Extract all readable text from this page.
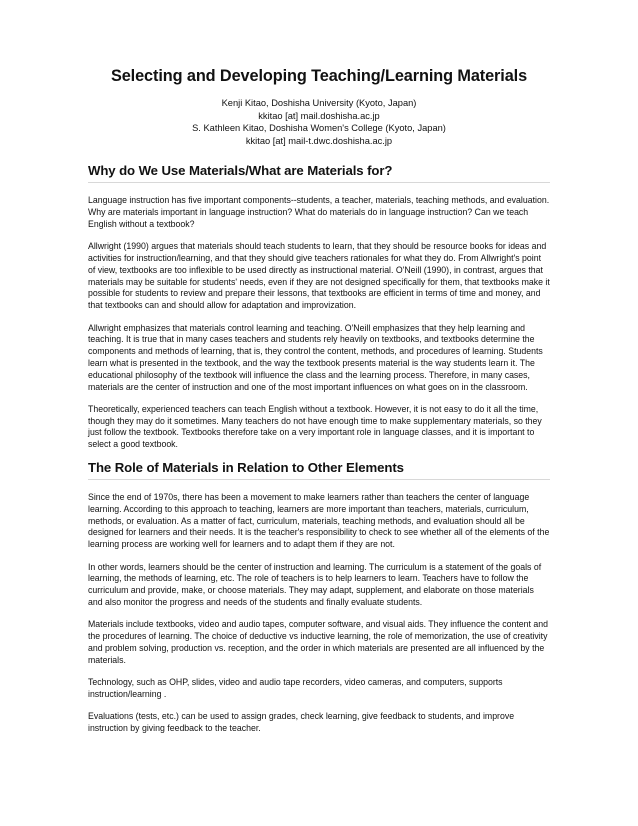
Selecting and Developing Teaching/Learning Materials
Kenji Kitao, Doshisha University (Kyoto, Japan)
kkitao [at] mail.doshisha.ac.jp
S. Kathleen Kitao, Doshisha Women's College (Kyoto, Japan)
kkitao [at] mail-t.dwc.doshisha.ac.jp
Why do We Use Materials/What are Materials for?

Language instruction has five important components--students, a teacher, materials, teaching methods, and evaluation. Why are materials important in language instruction? What do materials do in language instruction? Can we teach English without a textbook?

Allwright (1990) argues that materials should teach students to learn, that they should be resource books for ideas and activities for instruction/learning, and that they should give teachers rationales for what they do. From Allwright's point of view, textbooks are too inflexible to be used directly as instructional material. O'Neill (1990), in contrast, argues that materials may be suitable for students' needs, even if they are not designed specifically for them, that textbooks make it possible for students to review and prepare their lessons, that textbooks are efficient in terms of time and money, and that textbooks can and should allow for adaptation and improvization.

Allwright emphasizes that materials control learning and teaching. O'Neill emphasizes that they help learning and teaching. It is true that in many cases teachers and students rely heavily on textbooks, and textbooks determine the components and methods of learning, that is, they control the content, methods, and procedures of learning. Students learn what is presented in the textbook, and the way the textbook presents material is the way students learn it. The educational philosophy of the textbook will influence the class and the learning process. Therefore, in many cases, materials are the center of instruction and one of the most important influences on what goes on in the classroom.

Theoretically, experienced teachers can teach English without a textbook. However, it is not easy to do it all the time, though they may do it sometimes. Many teachers do not have enough time to make supplementary materials, so they just follow the textbook. Textbooks therefore take on a very important role in language classes, and it is important to select a good textbook.

The Role of Materials in Relation to Other Elements

Since the end of 1970s, there has been a movement to make learners rather than teachers the center of language learning. According to this approach to teaching, learners are more important than teachers, materials, curriculum, methods, or evaluation. As a matter of fact, curriculum, materials, teaching methods, and evaluation should all be designed for learners and their needs. It is the teacher's responsibility to check to see whether all of the elements of the learning process are working well for learners and to adapt them if they are not.

In other words, learners should be the center of instruction and learning. The curriculum is a statement of the goals of learning, the methods of learning, etc. The role of teachers is to help learners to learn. Teachers have to follow the curriculum and provide, make, or choose materials. They may adapt, supplement, and elaborate on those materials and also monitor the progress and needs of the students and finally evaluate students.

Materials include textbooks, video and audio tapes, computer software, and visual aids. They influence the content and the procedures of learning. The choice of deductive vs inductive learning, the role of memorization, the use of creativity and problem solving, production vs. reception, and the order in which materials are presented are all influenced by the materials.

Technology, such as OHP, slides, video and audio tape recorders, video cameras, and computers, supports instruction/learning .

Evaluations (tests, etc.) can be used to assign grades, check learning, give feedback to students, and improve instruction by giving feedback to the teacher.
